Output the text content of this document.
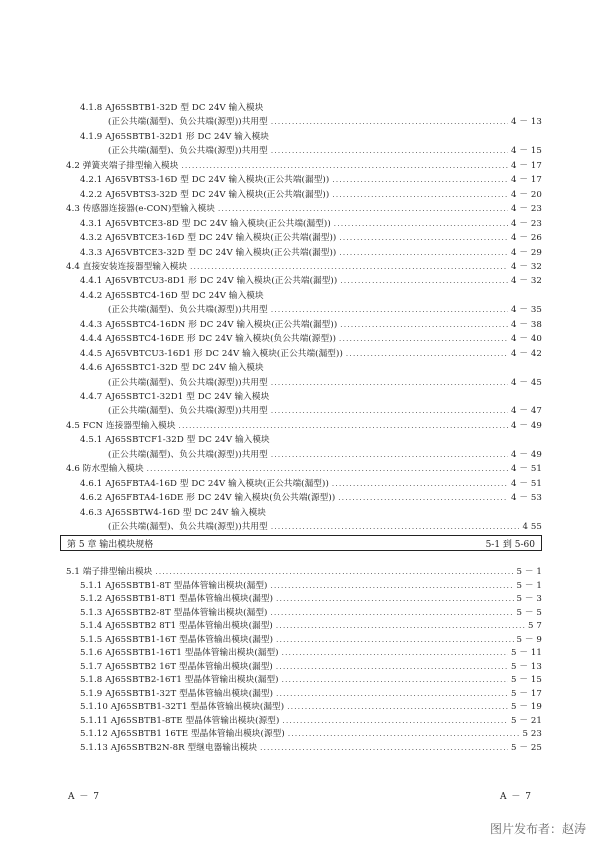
4.1.8 AJ65SBTB1-32D 型 DC 24V 输入模块
(正公共端(漏型)、负公共端(源型))共用型 .....	4 － 13
4.1.9 AJ65SBTB1-32D1 形 DC 24V 输入模块
(正公共端(漏型)、负公共端(源型))共用型 .....	4 － 15
4.2 弹簧夹端子排型输入模块 .....	4 － 17
4.2.1 AJ65VBTS3-16D 型 DC 24V 输入模块(正公共端(漏型)) .....	4 － 17
4.2.2 AJ65VBTS3-32D 型 DC 24V 输入模块(正公共端(漏型)) .....	4 － 20
4.3 传感器连接器(e-CON)型输入模块 .....	4 － 23
4.3.1 AJ65VBTCE3-8D 型 DC 24V 输入模块(正公共端(漏型)) .....	4 － 23
4.3.2 AJ65VBTCE3-16D 型 DC 24V 输入模块(正公共端(漏型)) .....	4 － 26
4.3.3 AJ65VBTCE3-32D 型 DC 24V 输入模块(正公共端(漏型)) .....	4 － 29
4.4 直接安装连接器型输入模块 .....	4 － 32
4.4.1 AJ65VBTCU3-8D1 形 DC 24V 输入模块(正公共端(漏型)) .....	4 － 32
4.4.2 AJ65SBTC4-16D 型 DC 24V 输入模块
(正公共端(漏型)、负公共端(源型))共用型 .....	4 － 35
4.4.3 AJ65SBTC4-16DN 形 DC 24V 输入模块(正公共端(漏型)) .....	4 － 38
4.4.4 AJ65SBTC4-16DE 形 DC 24V 输入模块(负公共端(源型)) .....	4 － 40
4.4.5 AJ65VBTCU3-16D1 形 DC 24V 输入模块(正公共端(漏型)) .....	4 － 42
4.4.6 AJ65SBTC1-32D 型 DC 24V 输入模块
(正公共端(漏型)、负公共端(源型))共用型 .....	4 － 45
4.4.7 AJ65SBTC1-32D1 型 DC 24V 输入模块
(正公共端(漏型)、负公共端(源型))共用型 .....	4 － 47
4.5 FCN 连接器型输入模块 .....	4 － 49
4.5.1 AJ65SBTCF1-32D 型 DC 24V 输入模块
(正公共端(漏型)、负公共端(源型))共用型 .....	4 － 49
4.6 防水型输入模块 .....	4 － 51
4.6.1 AJ65FBTA4-16D 型 DC 24V 输入模块(正公共端(漏型)) .....	4 － 51
4.6.2 AJ65FBTA4-16DE 形 DC 24V 输入模块(负公共端(源型)) .....	4 － 53
4.6.3 AJ65SBTW4-16D 型 DC 24V 输入模块
(正公共端(漏型)、负公共端(源型))共用型 .....	4 55
第 5 章 输出模块规格	5-1 到 5-60
5.1 端子排型输出模块 .....	5 － 1
5.1.1 AJ65SBTB1-8T 型晶体管输出模块(漏型) .....	5 － 1
5.1.2 AJ65SBTB1-8T1 型晶体管输出模块(漏型) .....	5 － 3
5.1.3 AJ65SBTB2-8T 型晶体管输出模块(漏型) .....	5 － 5
5.1.4 AJ65SBTB2 8T1 型晶体管输出模块(漏型) .....	5 7
5.1.5 AJ65SBTB1-16T 型晶体管输出模块(漏型) .....	5 － 9
5.1.6 AJ65SBTB1-16T1 型晶体管输出模块(漏型) .....	5 － 11
5.1.7 AJ65SBTB2 16T 型晶体管输出模块(漏型) .....	5 － 13
5.1.8 AJ65SBTB2-16T1 型晶体管输出模块(漏型) .....	5 － 15
5.1.9 AJ65SBTB1-32T 型晶体管输出模块(漏型) .....	5 － 17
5.1.10 AJ65SBTB1-32T1 型晶体管输出模块(漏型) .....	5 － 19
5.1.11 AJ65SBTB1-8TE 型晶体管输出模块(源型) .....	5 － 21
5.1.12 AJ65SBTB1 16TE 型晶体管输出模块(源型) .....	5 23
5.1.13 AJ65SBTB2N-8R 型继电器输出模块 .....	5 － 25
A － 7	A － 7
图片发布者：赵涛
